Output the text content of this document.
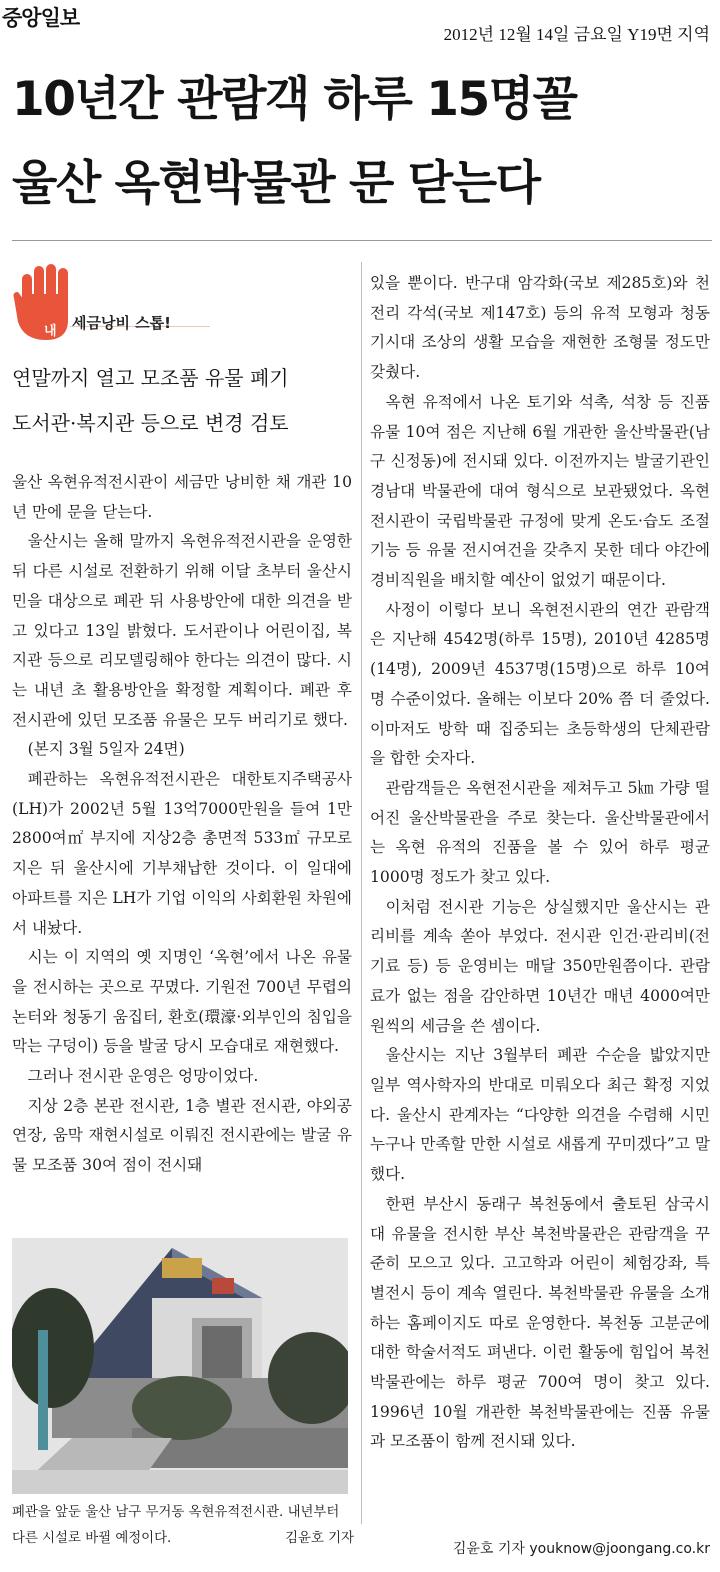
중앙일보
2012년 12월 14일 금요일 Y19면 지역
10년간 관람객 하루 15명꼴
울산 옥현박물관 문 닫는다
내 세금낭비 스톱!
연말까지 열고 모조품 유물 폐기
도서관·복지관 등으로 변경 검토

울산 옥현유적전시관이 세금만 낭비한 채 개관 10년 만에 문을 닫는다.

울산시는 올해 말까지 옥현유적전시관을 운영한 뒤 다른 시설로 전환하기 위해 이달 초부터 울산시민을 대상으로 폐관 뒤 사용방안에 대한 의견을 받고 있다고 13일 밝혔다. 도서관이나 어린이집, 복지관 등으로 리모델링해야 한다는 의견이 많다. 시는 내년 초 활용방안을 확정할 계획이다. 폐관 후 전시관에 있던 모조품 유물은 모두 버리기로 했다.
(본지 3월 5일자 24면)

폐관하는 옥현유적전시관은 대한토지주택공사(LH)가 2002년 5월 13억7000만원을 들여 1만2800여㎡ 부지에 지상2층 총면적 533㎡ 규모로 지은 뒤 울산시에 기부채납한 것이다. 이 일대에 아파트를 지은 LH가 기업 이익의 사회환원 차원에서 내놨다.

시는 이 지역의 옛 지명인 ‘옥현’에서 나온 유물을 전시하는 곳으로 꾸몄다. 기원전 700년 무렵의 논터와 청동기 움집터, 환호(環濠·외부인의 침입을 막는 구덩이) 등을 발굴 당시 모습대로 재현했다.

그러나 전시관 운영은 엉망이었다.

지상 2층 본관 전시관, 1층 별관 전시관, 야외공연장, 움막 재현시설로 이뤄진 전시관에는 발굴 유물 모조품 30여 점이 전시돼

있을 뿐이다. 반구대 암각화(국보 제285호)와 천전리 각석(국보 제147호) 등의 유적 모형과 청동기시대 조상의 생활 모습을 재현한 조형물 정도만 갖췄다.

옥현 유적에서 나온 토기와 석촉, 석창 등 진품유물 10여 점은 지난해 6월 개관한 울산박물관(남구 신정동)에 전시돼 있다. 이전까지는 발굴기관인 경남대 박물관에 대여 형식으로 보관됐었다. 옥현전시관이 국립박물관 규정에 맞게 온도·습도 조절기능 등 유물 전시여건을 갖추지 못한 데다 야간에 경비직원을 배치할 예산이 없었기 때문이다.

사정이 이렇다 보니 옥현전시관의 연간 관람객은 지난해 4542명(하루 15명), 2010년 4285명(14명), 2009년 4537명(15명)으로 하루 10여 명 수준이었다. 올해는 이보다 20% 쯤 더 줄었다. 이마저도 방학 때 집중되는 초등학생의 단체관람을 합한 숫자다.

관람객들은 옥현전시관을 제쳐두고 5㎞ 가량 떨어진 울산박물관을 주로 찾는다. 울산박물관에서는 옥현 유적의 진품을 볼 수 있어 하루 평균 1000명 정도가 찾고 있다.

이처럼 전시관 기능은 상실했지만 울산시는 관리비를 계속 쏟아 부었다. 전시관 인건·관리비(전기료 등) 등 운영비는 매달 350만원쯤이다. 관람료가 없는 점을 감안하면 10년간 매년 4000여만원씩의 세금을 쓴 셈이다.

울산시는 지난 3월부터 폐관 수순을 밟았지만 일부 역사학자의 반대로 미뤄오다 최근 확정 지었다. 울산시 관계자는 “다양한 의견을 수렴해 시민 누구나 만족할 만한 시설로 새롭게 꾸미겠다”고 말했다.

한편 부산시 동래구 복천동에서 출토된 삼국시대 유물을 전시한 부산 복천박물관은 관람객을 꾸준히 모으고 있다. 고고학과 어린이 체험강좌, 특별전시 등이 계속 열린다. 복천박물관 유물을 소개하는 홈페이지도 따로 운영한다. 복천동 고분군에 대한 학술서적도 펴낸다. 이런 활동에 힘입어 복천박물관에는 하루 평균 700여 명이 찾고 있다. 1996년 10월 개관한 복천박물관에는 진품 유물과 모조품이 함께 전시돼 있다.

폐관을 앞둔 울산 남구 무거동 옥현유적전시관. 내년부터 다른 시설로 바뀔 예정이다.	김윤호 기자
김윤호 기자 youknow@joongang.co.kr
